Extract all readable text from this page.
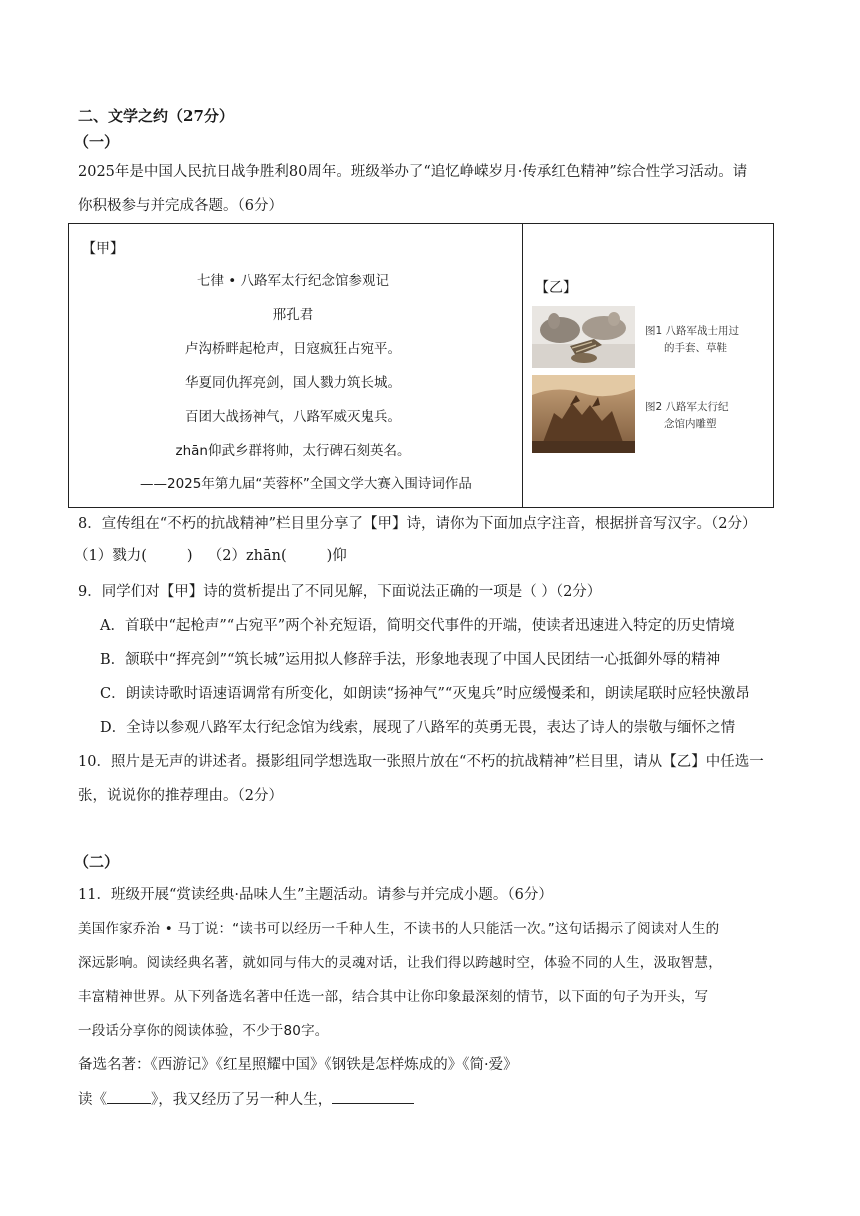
二、文学之约（27分）
（一）
2025年是中国人民抗日战争胜利80周年。班级举办了“追忆峥嵘岁月·传承红色精神”综合性学习活动。请
你积极参与并完成各题。（6分）
【甲】
七律 • 八路军太行纪念馆参观记
邢孔君
卢沟桥畔起枪声，日寇疯狂占宛平。
华夏同仇挥亮剑，国人戮力筑长城。
百团大战扬神气，八路军威灭鬼兵。
zhān仰武乡群将帅，太行碑石刻英名。
——2025年第九届“芙蓉杯”全国文学大赛入围诗词作品
【乙】
图1 八路军战士用过
的手套、草鞋
图2 八路军太行纪
念馆内雕塑
8．宣传组在“不朽的抗战精神”栏目里分享了【甲】诗，请你为下面加点字注音，根据拼音写汉字。（2分）
（1）戮力(	) （2）zhān(	)仰
9．同学们对【甲】诗的赏析提出了不同见解，下面说法正确的一项是（ ）（2分）
A．首联中“起枪声”“占宛平”两个补充短语，简明交代事件的开端，使读者迅速进入特定的历史情境
B．颔联中“挥亮剑”“筑长城”运用拟人修辞手法，形象地表现了中国人民团结一心抵御外辱的精神
C．朗读诗歌时语速语调常有所变化，如朗读“扬神气”“灭鬼兵”时应缓慢柔和，朗读尾联时应轻快激昂
D．全诗以参观八路军太行纪念馆为线索，展现了八路军的英勇无畏，表达了诗人的崇敬与缅怀之情
10．照片是无声的讲述者。摄影组同学想选取一张照片放在“不朽的抗战精神”栏目里，请从【乙】中任选一
张，说说你的推荐理由。（2分）
（二）
11．班级开展“赏读经典·品味人生”主题活动。请参与并完成小题。（6分）
美国作家乔治 • 马丁说：“读书可以经历一千种人生，不读书的人只能活一次。”这句话揭示了阅读对人生的
深远影响。阅读经典名著，就如同与伟大的灵魂对话，让我们得以跨越时空，体验不同的人生，汲取智慧，
丰富精神世界。从下列备选名著中任选一部，结合其中让你印象最深刻的情节，以下面的句子为开头，写
一段话分享你的阅读体验，不少于80字。
备选名著：《西游记》《红星照耀中国》《钢铁是怎样炼成的》《简·爱》
读《	》，我又经历了另一种人生，
